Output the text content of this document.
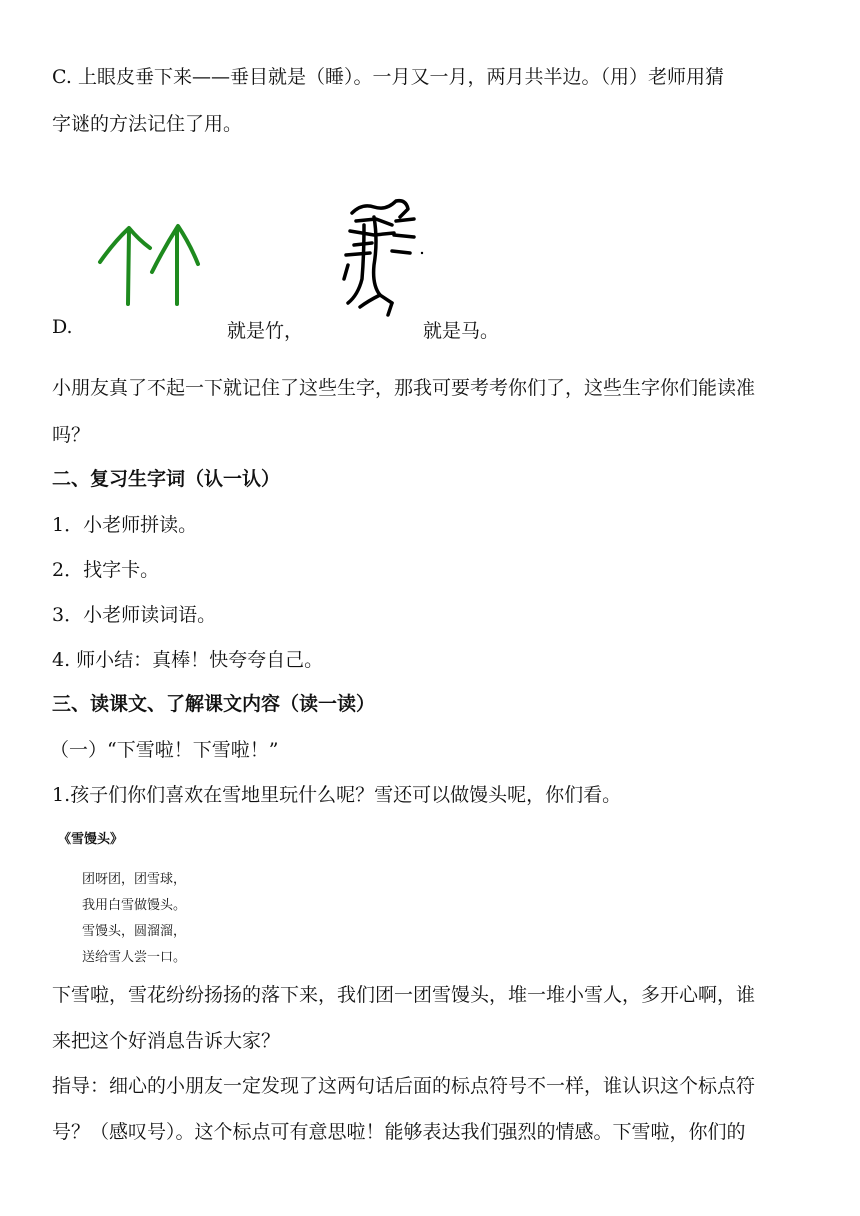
C. 上眼皮垂下来——垂目就是（睡）。一月又一月，两月共半边。（用）老师用猜
字谜的方法记住了用。
D.	就是竹，	就是马。
小朋友真了不起一下就记住了这些生字，那我可要考考你们了，这些生字你们能读准
吗？
二、复习生字词（认一认）
1．小老师拼读。
2．找字卡。
3．小老师读词语。
4. 师小结：真棒！快夸夸自己。
三、读课文、了解课文内容（读一读）
（一）“下雪啦！下雪啦！”
1.孩子们你们喜欢在雪地里玩什么呢？雪还可以做馒头呢，你们看。
《雪馒头》
团呀团，团雪球，
我用白雪做馒头。
雪馒头，圆溜溜，
送给雪人尝一口。
下雪啦，雪花纷纷扬扬的落下来，我们团一团雪馒头，堆一堆小雪人，多开心啊，谁
来把这个好消息告诉大家？
指导：细心的小朋友一定发现了这两句话后面的标点符号不一样，谁认识这个标点符
号？（感叹号）。这个标点可有意思啦！能够表达我们强烈的情感。下雪啦，你们的
